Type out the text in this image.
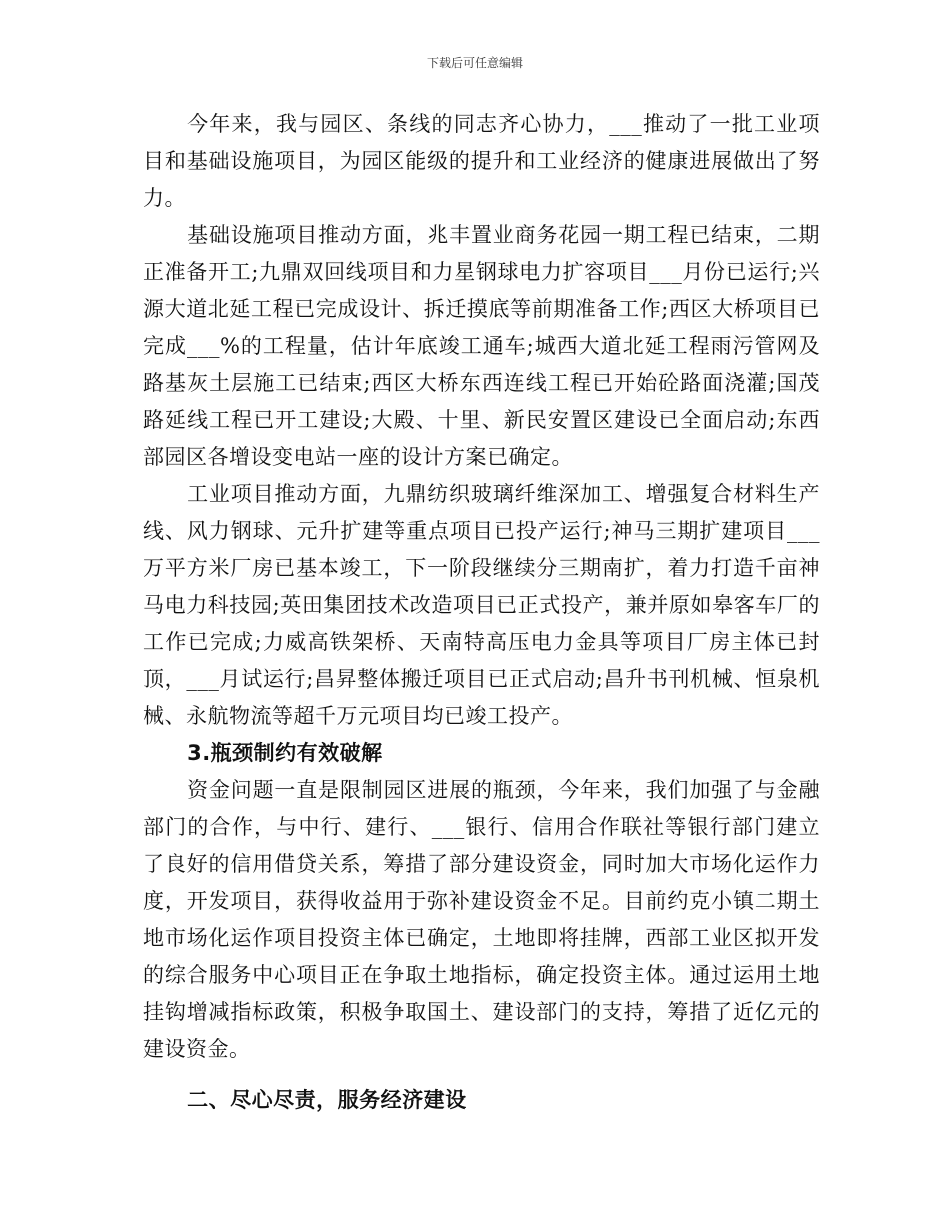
下载后可任意编辑

今年来，我与园区、条线的同志齐心协力，___推动了一批工业项目和基础设施项目，为园区能级的提升和工业经济的健康进展做出了努力。

基础设施项目推动方面，兆丰置业商务花园一期工程已结束，二期正准备开工;九鼎双回线项目和力星钢球电力扩容项目___月份已运行;兴源大道北延工程已完成设计、拆迁摸底等前期准备工作;西区大桥项目已完成___%的工程量，估计年底竣工通车;城西大道北延工程雨污管网及路基灰土层施工已结束;西区大桥东西连线工程已开始砼路面浇灌;国茂路延线工程已开工建设;大殿、十里、新民安置区建设已全面启动;东西部园区各增设变电站一座的设计方案已确定。

工业项目推动方面，九鼎纺织玻璃纤维深加工、增强复合材料生产线、风力钢球、元升扩建等重点项目已投产运行;神马三期扩建项目___万平方米厂房已基本竣工，下一阶段继续分三期南扩，着力打造千亩神马电力科技园;英田集团技术改造项目已正式投产，兼并原如皋客车厂的工作已完成;力威高铁架桥、天南特高压电力金具等项目厂房主体已封顶，___月试运行;昌昇整体搬迁项目已正式启动;昌升书刊机械、恒泉机械、永航物流等超千万元项目均已竣工投产。

3.瓶颈制约有效破解

资金问题一直是限制园区进展的瓶颈，今年来，我们加强了与金融部门的合作，与中行、建行、___银行、信用合作联社等银行部门建立了良好的信用借贷关系，筹措了部分建设资金，同时加大市场化运作力度，开发项目，获得收益用于弥补建设资金不足。目前约克小镇二期土地市场化运作项目投资主体已确定，土地即将挂牌，西部工业区拟开发的综合服务中心项目正在争取土地指标，确定投资主体。通过运用土地挂钩增减指标政策，积极争取国土、建设部门的支持，筹措了近亿元的建设资金。

二、尽心尽责，服务经济建设
